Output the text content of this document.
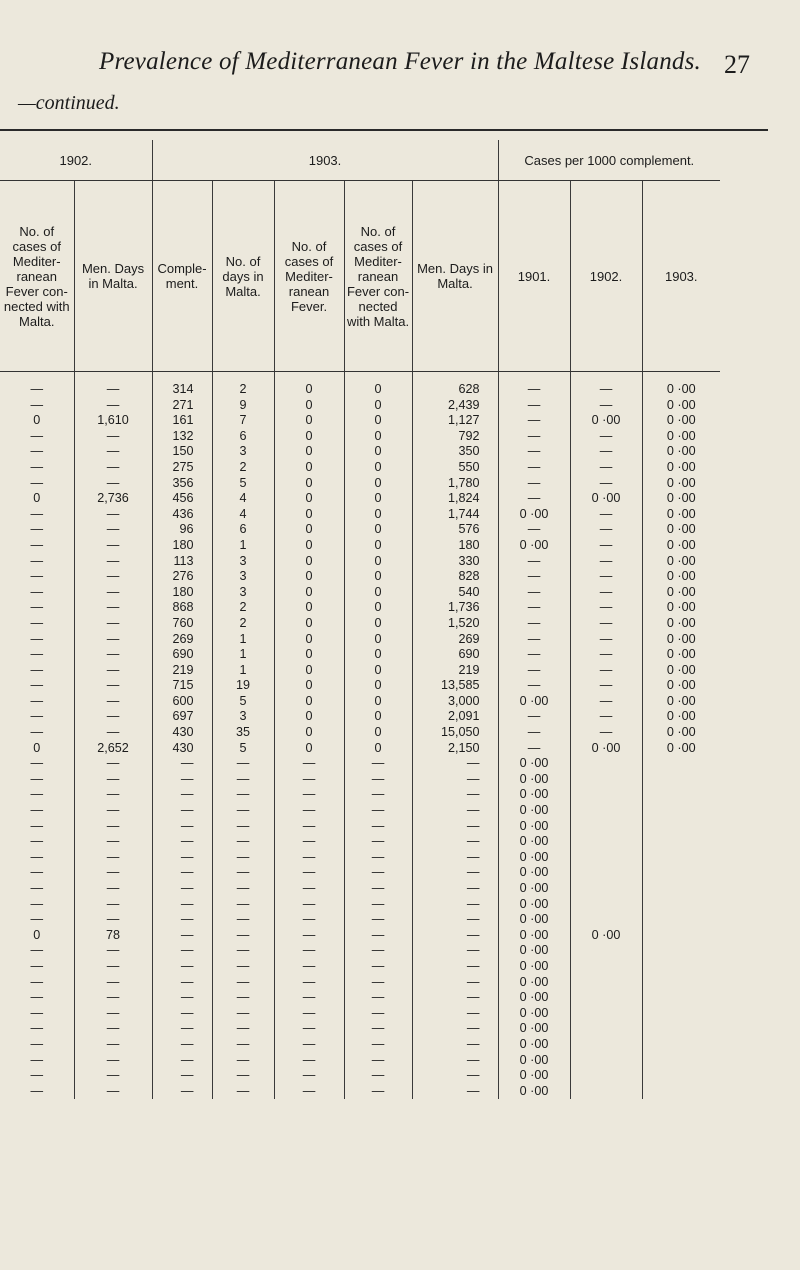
Prevalence of Mediterranean Fever in the Maltese Islands. 27
—continued.
1902.		1903.					Cases per 1000 complement.		
No. of cases of Mediter-ranean Fever con-nected with Malta.	Men. Days in Malta.	Comple-ment.	No. of days in Malta.	No. of cases of Mediter-ranean Fever.	No. of cases of Mediter-ranean Fever con-nected with Malta.	Men. Days in Malta.	1901.	1902.	1903.
—	—	314	2	0	0	628	—	—	0 ·00
—	—	271	9	0	0	2,439	—	—	0 ·00
0	1,610	161	7	0	0	1,127	—	0 ·00	0 ·00
—	—	132	6	0	0	792	—	—	0 ·00
—	—	150	3	0	0	350	—	—	0 ·00
—	—	275	2	0	0	550	—	—	0 ·00
—	—	356	5	0	0	1,780	—	—	0 ·00
0	2,736	456	4	0	0	1,824	—	0 ·00	0 ·00
—	—	436	4	0	0	1,744	0 ·00	—	0 ·00
—	—	96	6	0	0	576	—	—	0 ·00
—	—	180	1	0	0	180	0 ·00	—	0 ·00
—	—	113	3	0	0	330	—	—	0 ·00
—	—	276	3	0	0	828	—	—	0 ·00
—	—	180	3	0	0	540	—	—	0 ·00
—	—	868	2	0	0	1,736	—	—	0 ·00
—	—	760	2	0	0	1,520	—	—	0 ·00
—	—	269	1	0	0	269	—	—	0 ·00
—	—	690	1	0	0	690	—	—	0 ·00
—	—	219	1	0	0	219	—	—	0 ·00
—	—	715	19	0	0	13,585	—	—	0 ·00
—	—	600	5	0	0	3,000	0 ·00	—	0 ·00
—	—	697	3	0	0	2,091	—	—	0 ·00
—	—	430	35	0	0	15,050	—	—	0 ·00
0	2,652	430	5	0	0	2,150	—	0 ·00	0 ·00
—	—	—	—	—	—	—	0 ·00		
—	—	—	—	—	—	—	0 ·00		
—	—	—	—	—	—	—	0 ·00		
—	—	—	—	—	—	—	0 ·00		
—	—	—	—	—	—	—	0 ·00		
—	—	—	—	—	—	—	0 ·00		
—	—	—	—	—	—	—	0 ·00		
—	—	—	—	—	—	—	0 ·00		
—	—	—	—	—	—	—	0 ·00		
—	—	—	—	—	—	—	0 ·00		
—	—	—	—	—	—	—	0 ·00		
0	78	—	—	—	—	—	0 ·00	0 ·00	
—	—	—	—	—	—	—	0 ·00		
—	—	—	—	—	—	—	0 ·00		
—	—	—	—	—	—	—	0 ·00		
—	—	—	—	—	—	—	0 ·00		
—	—	—	—	—	—	—	0 ·00		
—	—	—	—	—	—	—	0 ·00		
—	—	—	—	—	—	—	0 ·00		
—	—	—	—	—	—	—	0 ·00		
—	—	—	—	—	—	—	0 ·00		
—	—	—	—	—	—	—	0 ·00		
